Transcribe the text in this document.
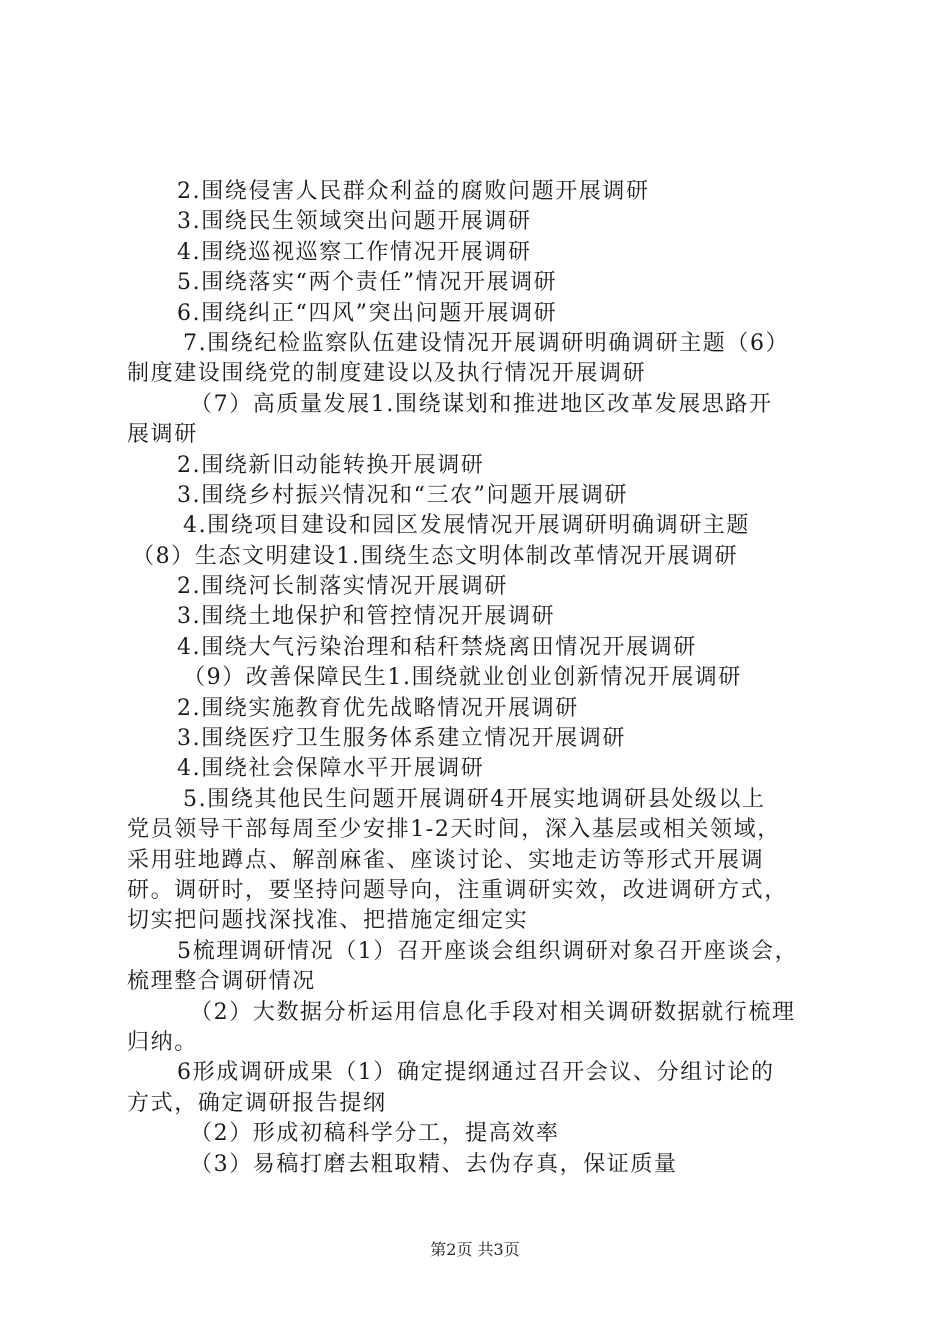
2.围绕侵害人民群众利益的腐败问题开展调研
3.围绕民生领域突出问题开展调研
4.围绕巡视巡察工作情况开展调研
5.围绕落实“两个责任”情况开展调研
6.围绕纠正“四风”突出问题开展调研
7.围绕纪检监察队伍建设情况开展调研明确调研主题（6）
制度建设围绕党的制度建设以及执行情况开展调研
（7）高质量发展1.围绕谋划和推进地区改革发展思路开
展调研
2.围绕新旧动能转换开展调研
3.围绕乡村振兴情况和“三农”问题开展调研
4.围绕项目建设和园区发展情况开展调研明确调研主题
（8）生态文明建设1.围绕生态文明体制改革情况开展调研
2.围绕河长制落实情况开展调研
3.围绕土地保护和管控情况开展调研
4.围绕大气污染治理和秸秆禁烧离田情况开展调研
（9）改善保障民生1.围绕就业创业创新情况开展调研
2.围绕实施教育优先战略情况开展调研
3.围绕医疗卫生服务体系建立情况开展调研
4.围绕社会保障水平开展调研
5.围绕其他民生问题开展调研4开展实地调研县处级以上
党员领导干部每周至少安排1-2天时间，深入基层或相关领域，
采用驻地蹲点、解剖麻雀、座谈讨论、实地走访等形式开展调
研。调研时，要坚持问题导向，注重调研实效，改进调研方式，
切实把问题找深找准、把措施定细定实
5梳理调研情况（1）召开座谈会组织调研对象召开座谈会，
梳理整合调研情况
（2）大数据分析运用信息化手段对相关调研数据就行梳理
归纳。
6形成调研成果（1）确定提纲通过召开会议、分组讨论的
方式，确定调研报告提纲
（2）形成初稿科学分工，提高效率
（3）易稿打磨去粗取精、去伪存真，保证质量
第2页 共3页
